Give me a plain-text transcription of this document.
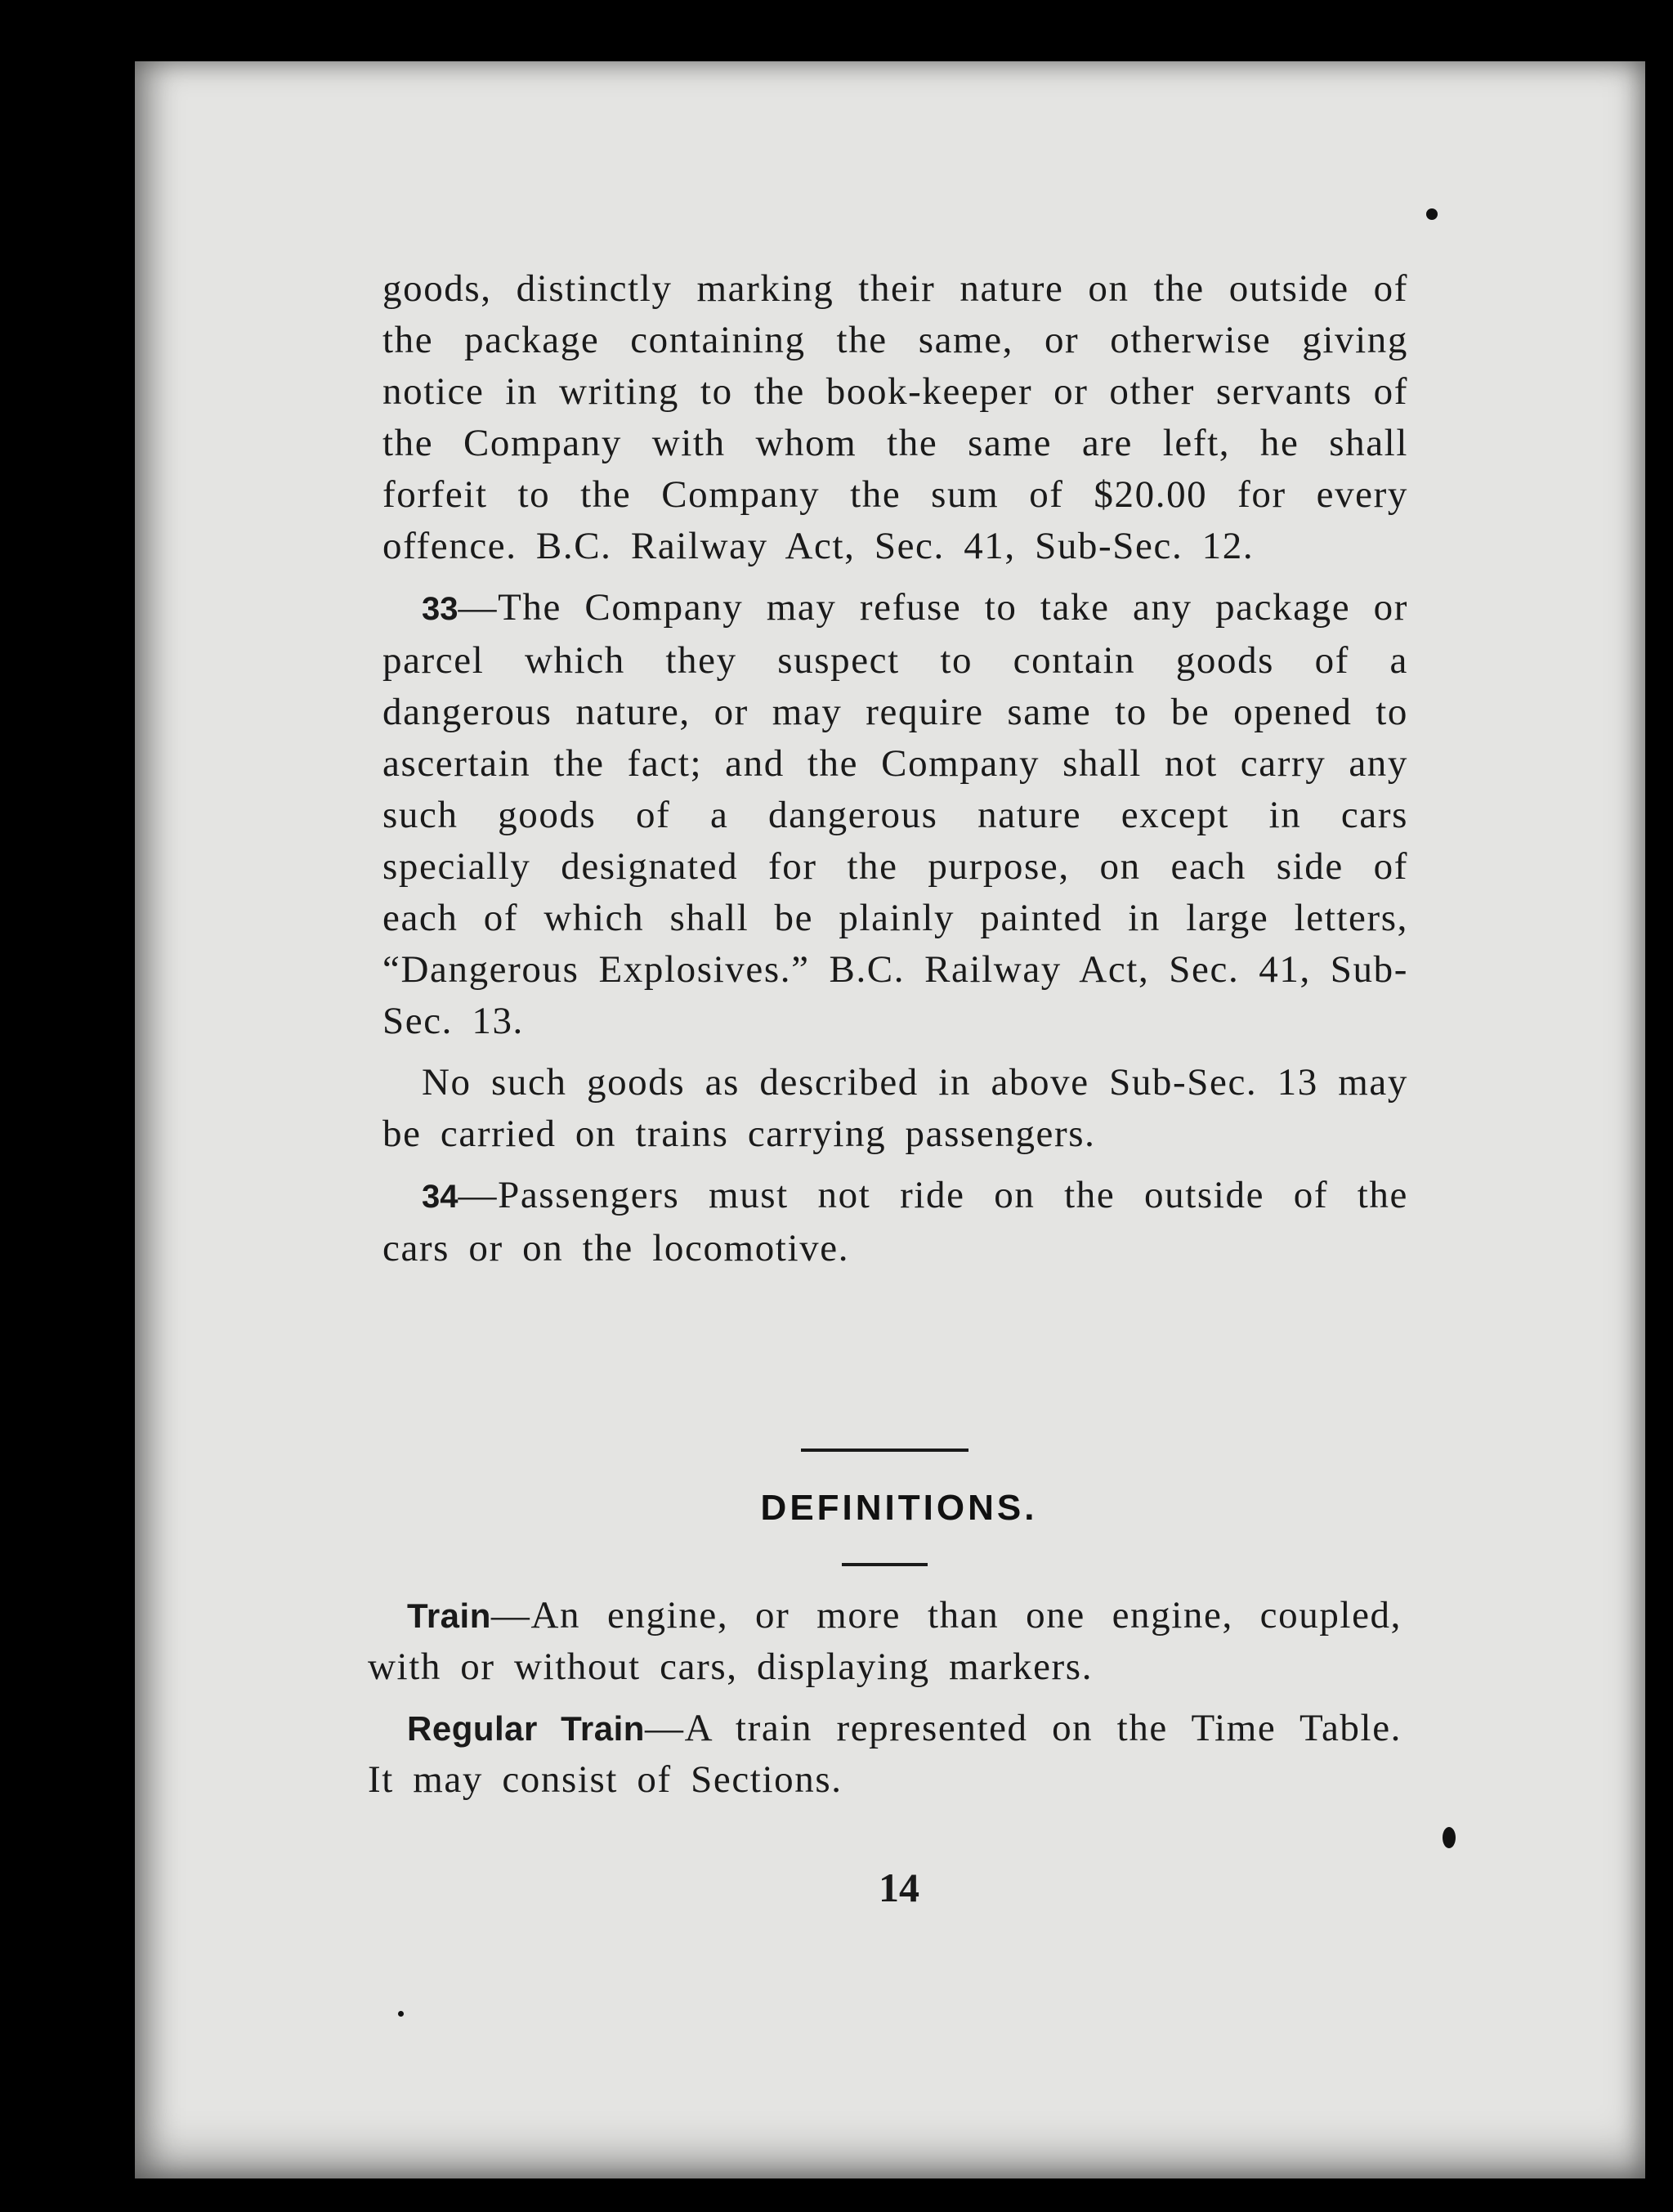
goods, distinctly marking their nature on the outside of the package containing the same, or otherwise giving notice in writing to the book-keeper or other servants of the Company with whom the same are left, he shall forfeit to the Company the sum of $20.00 for every offence. B.C. Railway Act, Sec. 41, Sub-Sec. 12.

33—The Company may refuse to take any package or parcel which they suspect to contain goods of a dangerous nature, or may require same to be opened to ascertain the fact; and the Company shall not carry any such goods of a dangerous nature except in cars specially designated for the purpose, on each side of each of which shall be plainly painted in large letters, “Dangerous Explosives.” B.C. Railway Act, Sec. 41, Sub-Sec. 13.

No such goods as described in above Sub-Sec. 13 may be carried on trains carrying passengers.

34—Passengers must not ride on the outside of the cars or on the locomotive.

DEFINITIONS.

Train—An engine, or more than one engine, coupled, with or without cars, displaying markers.

Regular Train—A train represented on the Time Table. It may consist of Sections.

14
